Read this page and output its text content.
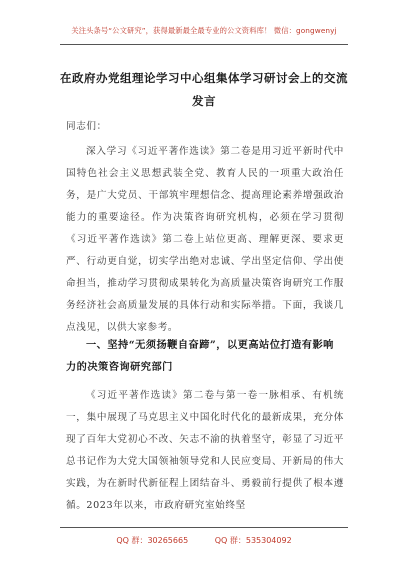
关注头条号“公文研究”，获得最新最全最专业的公文资料库！ 微信：gongwenyj
在政府办党组理论学习中心组集体学习研讨会上的交流发言

同志们：

深入学习《习近平著作选读》第二卷是用习近平新时代中国特色社会主义思想武装全党、教育人民的一项重大政治任务，是广大党员、干部筑牢理想信念、提高理论素养增强政治能力的重要途径。作为决策咨询研究机构，必须在学习贯彻《习近平著作选读》第二卷上站位更高、理解更深、要求更严、行动更自觉，切实学出绝对忠诚、学出坚定信仰、学出使命担当，推动学习贯彻成果转化为高质量决策咨询研究工作服务经济社会高质量发展的具体行动和实际举措。下面，我谈几点浅见，以供大家参考。

一、坚持“无须扬鞭自奋蹄”，以更高站位打造有影响力的决策咨询研究部门

《习近平著作选读》第二卷与第一卷一脉相承、有机统一，集中展现了马克思主义中国化时代化的最新成果，充分体现了百年大党初心不改、矢志不渝的执着坚守，彰显了习近平总书记作为大党大国领袖领导党和人民应变局、开新局的伟大实践，为在新时代新征程上团结奋斗、勇毅前行提供了根本遵循。2023年以来，市政府研究室始终坚

QQ 群：30265665	QQ 群：535304092
